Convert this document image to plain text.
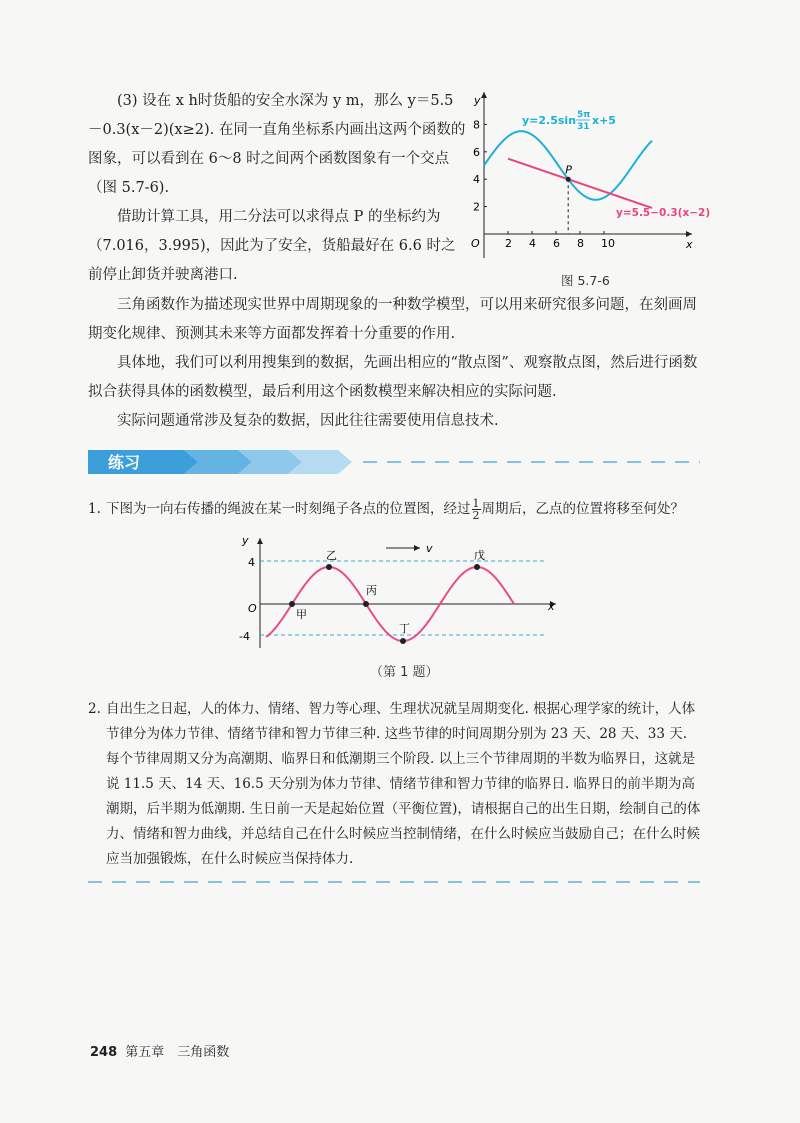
(3) 设在 x h时货船的安全水深为 y m，那么 y＝5.5－0.3(x－2)(x≥2). 在同一直角坐标系内画出这两个函数的图象，可以看到在 6～8 时之间两个函数图象有一个交点（图 5.7-6).

借助计算工具，用二分法可以求得点 P 的坐标约为（7.016，3.995)，因此为了安全，货船最好在 6.6 时之前停止卸货并驶离港口.

三角函数作为描述现实世界中周期现象的一种数学模型，可以用来研究很多问题，在刻画周期变化规律、预测其未来等方面都发挥着十分重要的作用.

具体地，我们可以利用搜集到的数据，先画出相应的“散点图”、观察散点图，然后进行函数拟合获得具体的函数模型，最后利用这个函数模型来解决相应的实际问题.

实际问题通常涉及复杂的数据，因此往往需要使用信息技术.

y
x
O 2 4 6 8 10
2
4
6
8
P
y=2.5sin 5π
31 x+5
y=5.5−0.3(x−2)
图 5.7-6
练习
1. 下图为一向右传播的绳波在某一时刻绳子各点的位置图，经过 $\frac{1}{2}$ 周期后，乙点的位置将移至何处？
y
x
O
4
-4
v
甲
乙
丙
丁
戊
（第 1 题）
2. 自出生之日起，人的体力、情绪、智力等心理、生理状况就呈周期变化. 根据心理学家的统计，人体节律分为体力节律、情绪节律和智力节律三种. 这些节律的时间周期分别为 23 天、28 天、33 天. 每个节律周期又分为高潮期、临界日和低潮期三个阶段. 以上三个节律周期的半数为临界日，这就是说 11.5 天、14 天、16.5 天分别为体力节律、情绪节律和智力节律的临界日. 临界日的前半期为高潮期，后半期为低潮期. 生日前一天是起始位置（平衡位置)，请根据自己的出生日期，绘制自己的体力、情绪和智力曲线，并总结自己在什么时候应当控制情绪，在什么时候应当鼓励自己；在什么时候应当加强锻炼，在什么时候应当保持体力.
248 第五章　三角函数
